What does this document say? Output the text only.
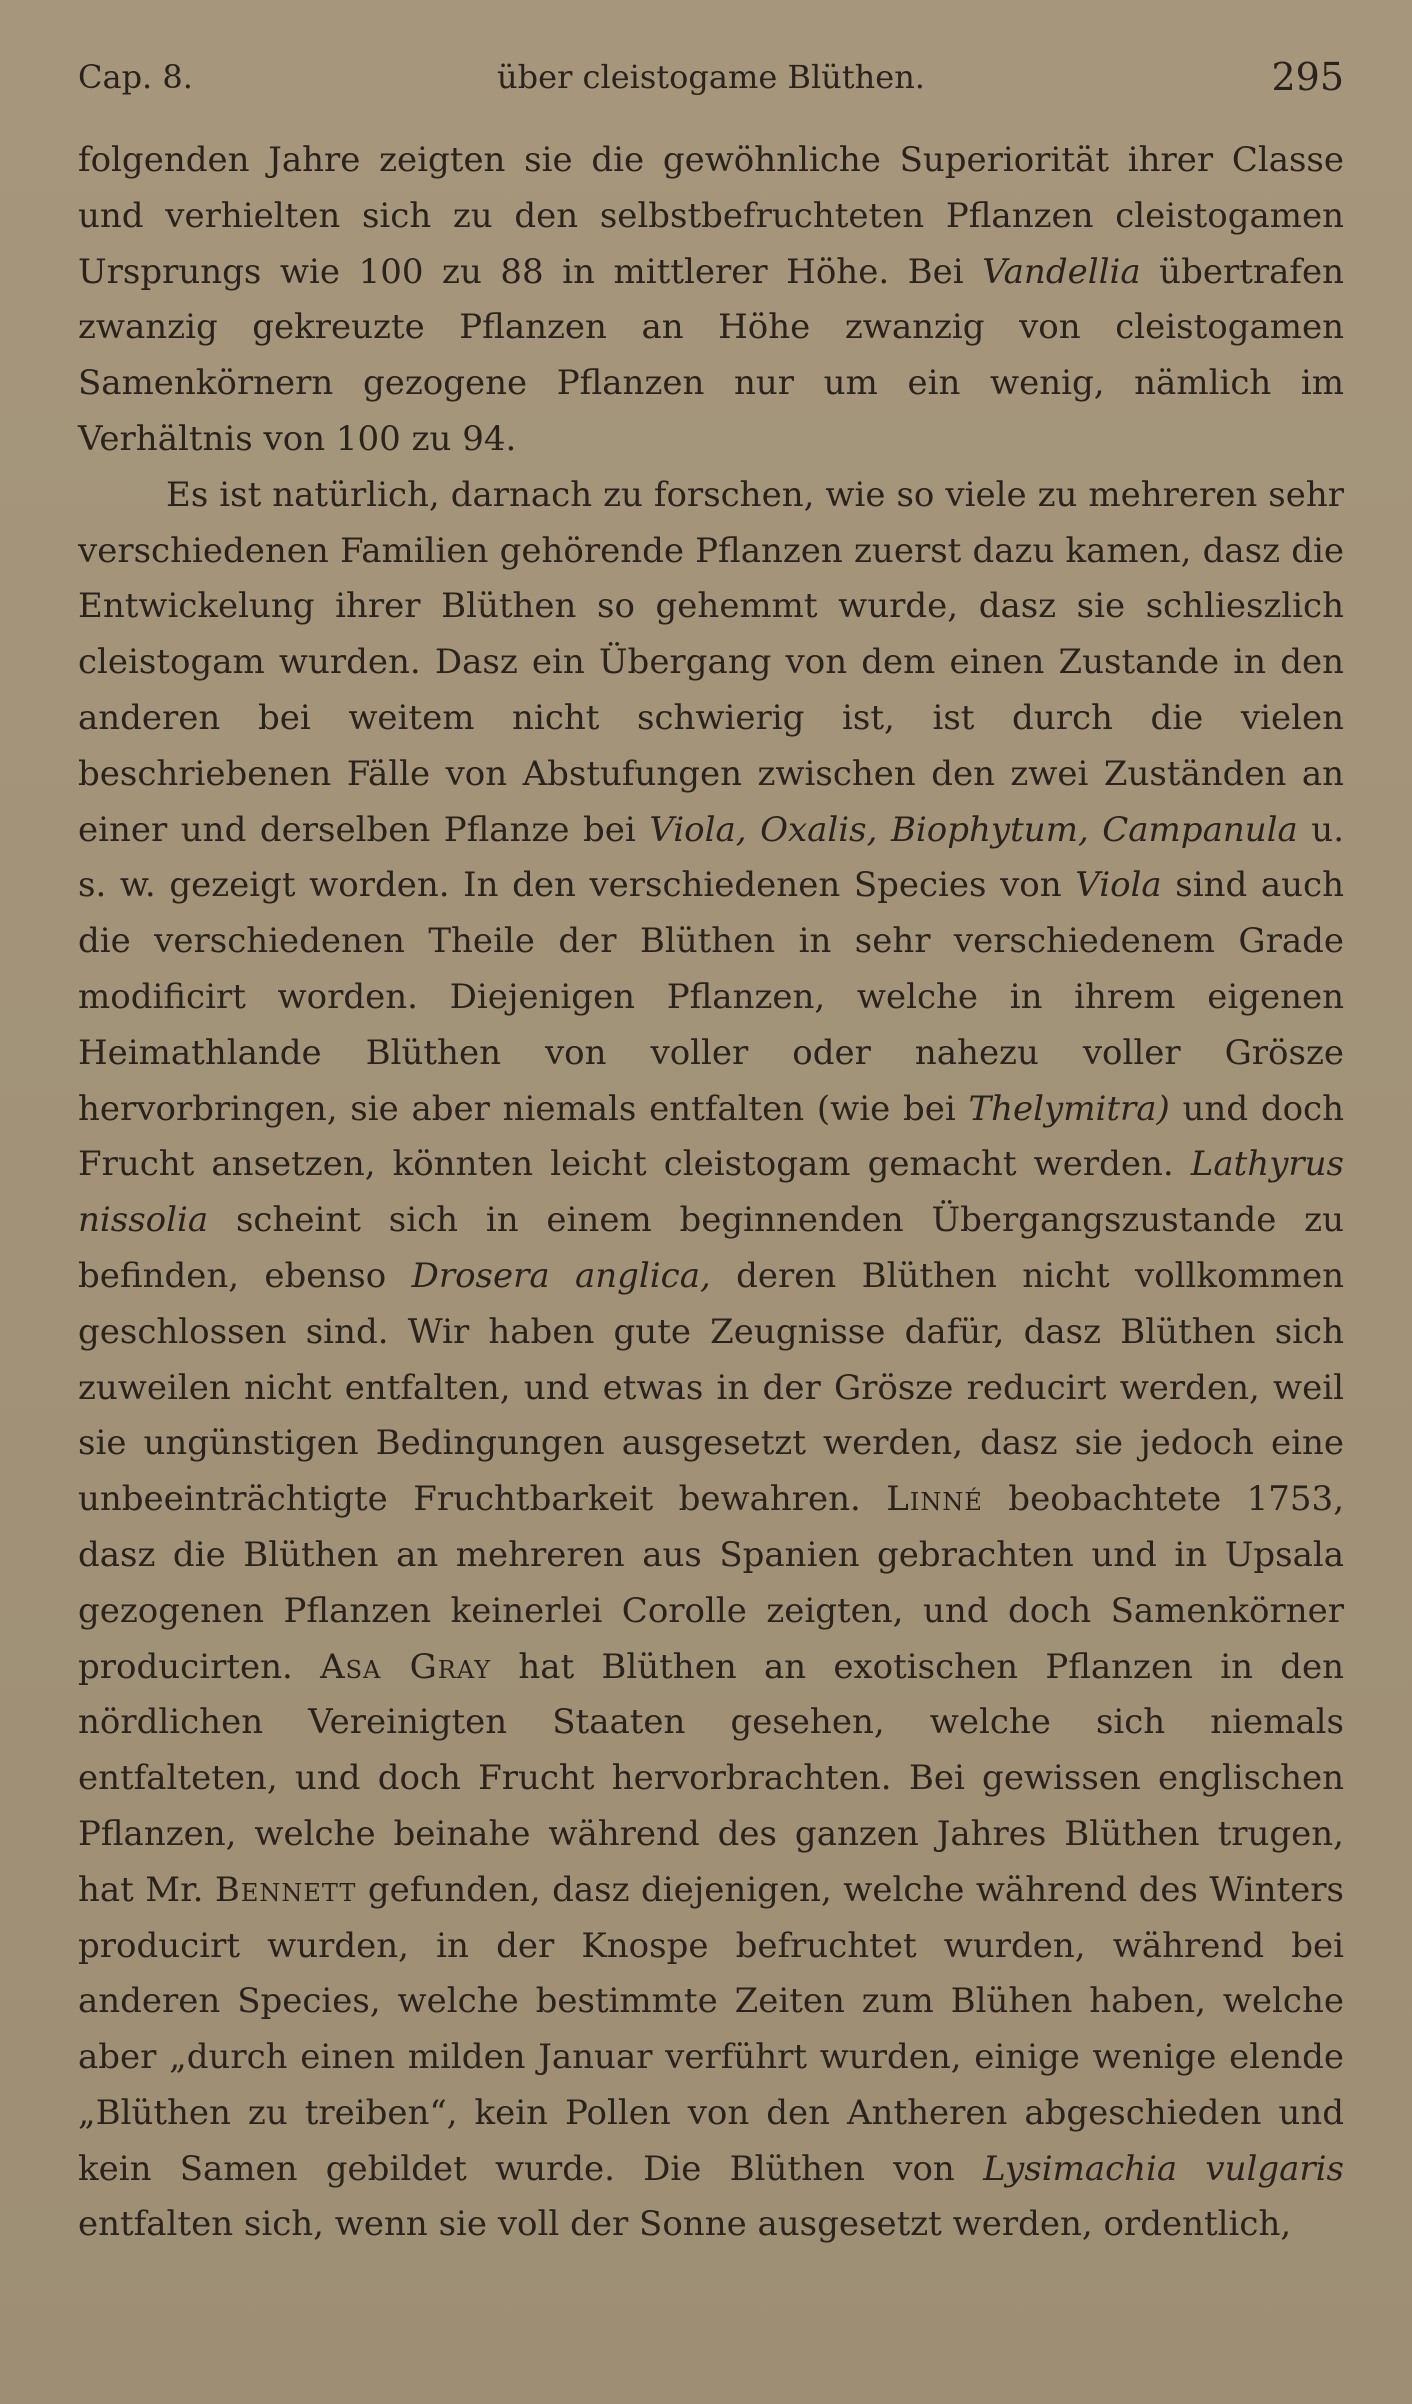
Cap. 8.	über cleistogame Blüthen.	295

folgenden Jahre zeigten sie die gewöhnliche Superiorität ihrer Classe und verhielten sich zu den selbstbefruchteten Pflanzen cleistogamen Ursprungs wie 100 zu 88 in mittlerer Höhe. Bei Vandellia übertrafen zwanzig gekreuzte Pflanzen an Höhe zwanzig von cleistogamen Samenkörnern gezogene Pflanzen nur um ein wenig, nämlich im Verhältnis von 100 zu 94.

Es ist natürlich, darnach zu forschen, wie so viele zu mehreren sehr verschiedenen Familien gehörende Pflanzen zuerst dazu kamen, dasz die Entwickelung ihrer Blüthen so gehemmt wurde, dasz sie schlieszlich cleistogam wurden. Dasz ein Übergang von dem einen Zustande in den anderen bei weitem nicht schwierig ist, ist durch die vielen beschriebenen Fälle von Abstufungen zwischen den zwei Zuständen an einer und derselben Pflanze bei Viola, Oxalis, Biophytum, Campanula u. s. w. gezeigt worden. In den verschiedenen Species von Viola sind auch die verschiedenen Theile der Blüthen in sehr verschiedenem Grade modificirt worden. Diejenigen Pflanzen, welche in ihrem eigenen Heimathlande Blüthen von voller oder nahezu voller Grösze hervorbringen, sie aber niemals entfalten (wie bei Thelymitra) und doch Frucht ansetzen, könnten leicht cleistogam gemacht werden. Lathyrus nissolia scheint sich in einem beginnenden Übergangszustande zu befinden, ebenso Drosera anglica, deren Blüthen nicht vollkommen geschlossen sind. Wir haben gute Zeugnisse dafür, dasz Blüthen sich zuweilen nicht entfalten, und etwas in der Grösze reducirt werden, weil sie ungünstigen Bedingungen ausgesetzt werden, dasz sie jedoch eine unbeeinträchtigte Fruchtbarkeit bewahren. Linné beobachtete 1753, dasz die Blüthen an mehreren aus Spanien gebrachten und in Upsala gezogenen Pflanzen keinerlei Corolle zeigten, und doch Samenkörner producirten. Asa Gray hat Blüthen an exotischen Pflanzen in den nördlichen Vereinigten Staaten gesehen, welche sich niemals entfalteten, und doch Frucht hervorbrachten. Bei gewissen englischen Pflanzen, welche beinahe während des ganzen Jahres Blüthen trugen, hat Mr. Bennett gefunden, dasz diejenigen, welche während des Winters producirt wurden, in der Knospe befruchtet wurden, während bei anderen Species, welche bestimmte Zeiten zum Blühen haben, welche aber „durch einen milden Januar verführt wurden, einige wenige elende „Blüthen zu treiben“, kein Pollen von den Antheren abgeschieden und kein Samen gebildet wurde. Die Blüthen von Lysimachia vulgaris entfalten sich, wenn sie voll der Sonne ausgesetzt werden, ordentlich,
